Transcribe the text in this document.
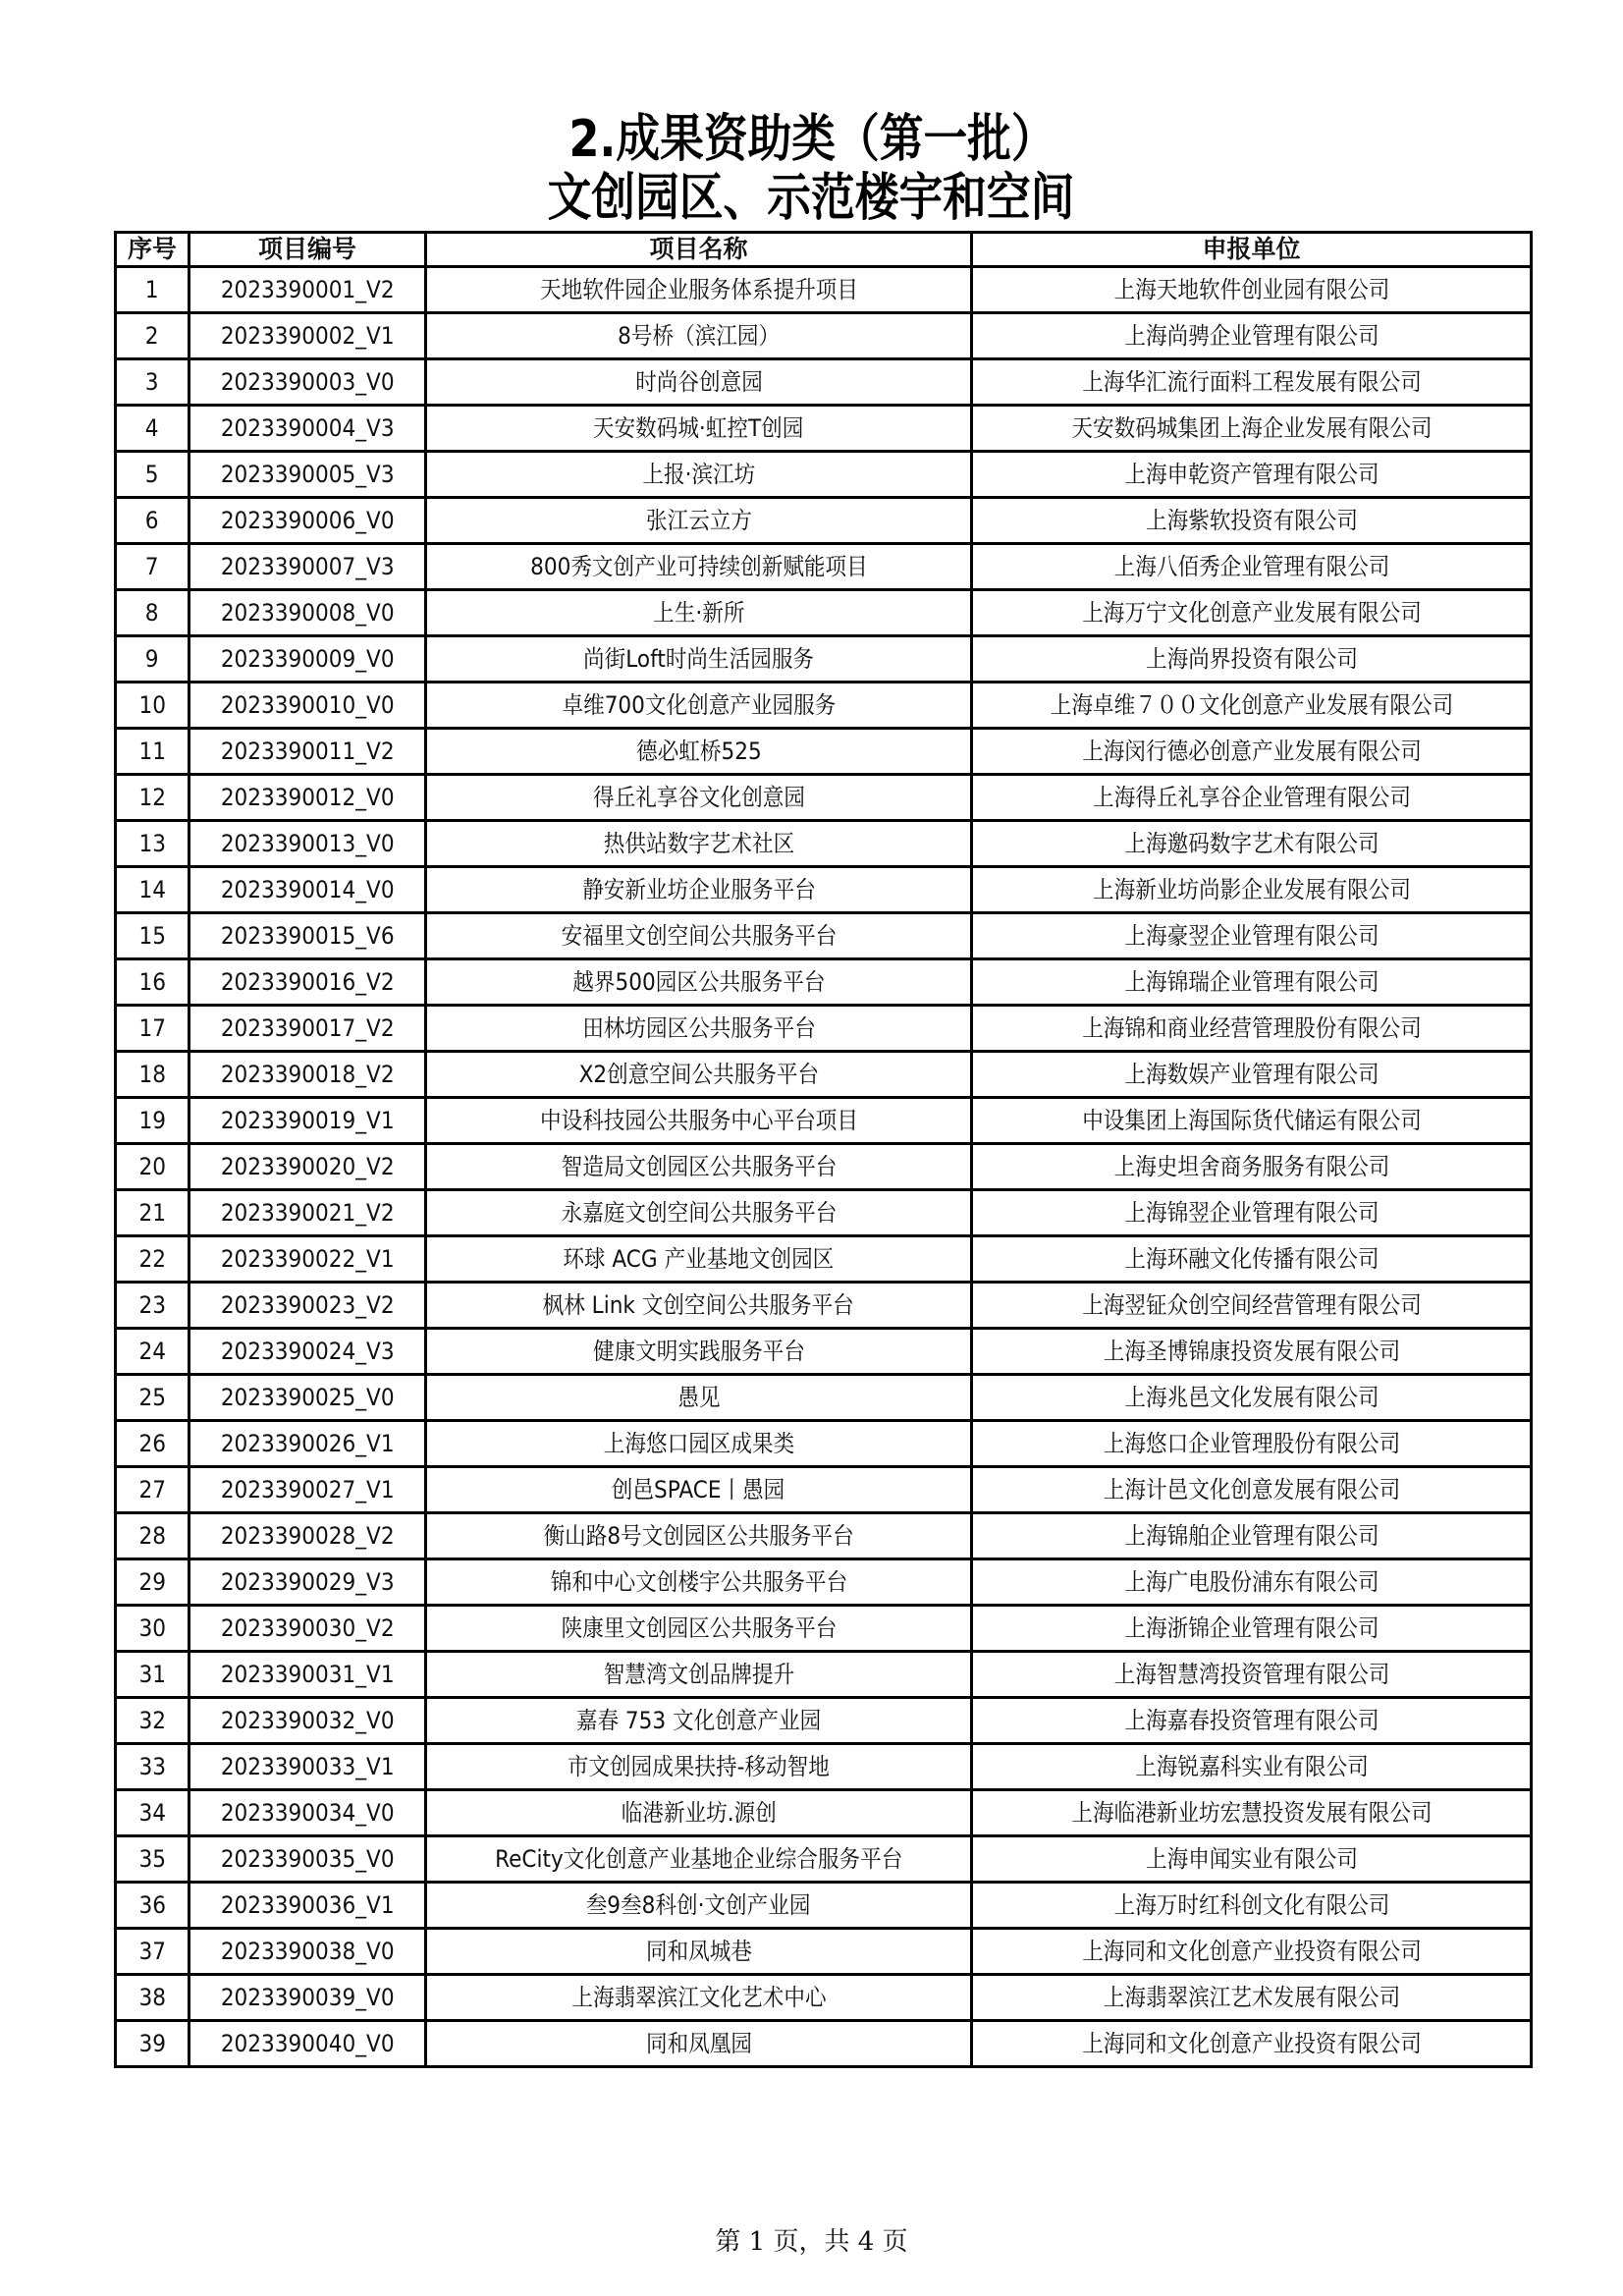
2.成果资助类（第一批）
文创园区、示范楼宇和空间
序号	项目编号	项目名称	申报单位
1	2023390001_V2	天地软件园企业服务体系提升项目	上海天地软件创业园有限公司
2	2023390002_V1	8号桥（滨江园）	上海尚骋企业管理有限公司
3	2023390003_V0	时尚谷创意园	上海华汇流行面料工程发展有限公司
4	2023390004_V3	天安数码城·虹控T创园	天安数码城集团上海企业发展有限公司
5	2023390005_V3	上报·滨江坊	上海申乾资产管理有限公司
6	2023390006_V0	张江云立方	上海紫软投资有限公司
7	2023390007_V3	800秀文创产业可持续创新赋能项目	上海八佰秀企业管理有限公司
8	2023390008_V0	上生·新所	上海万宁文化创意产业发展有限公司
9	2023390009_V0	尚街Loft时尚生活园服务	上海尚界投资有限公司
10	2023390010_V0	卓维700文化创意产业园服务	上海卓维７００文化创意产业发展有限公司
11	2023390011_V2	德必虹桥525	上海闵行德必创意产业发展有限公司
12	2023390012_V0	得丘礼享谷文化创意园	上海得丘礼享谷企业管理有限公司
13	2023390013_V0	热供站数字艺术社区	上海邀码数字艺术有限公司
14	2023390014_V0	静安新业坊企业服务平台	上海新业坊尚影企业发展有限公司
15	2023390015_V6	安福里文创空间公共服务平台	上海豪翌企业管理有限公司
16	2023390016_V2	越界500园区公共服务平台	上海锦瑞企业管理有限公司
17	2023390017_V2	田林坊园区公共服务平台	上海锦和商业经营管理股份有限公司
18	2023390018_V2	X2创意空间公共服务平台	上海数娱产业管理有限公司
19	2023390019_V1	中设科技园公共服务中心平台项目	中设集团上海国际货代储运有限公司
20	2023390020_V2	智造局文创园区公共服务平台	上海史坦舍商务服务有限公司
21	2023390021_V2	永嘉庭文创空间公共服务平台	上海锦翌企业管理有限公司
22	2023390022_V1	环球 ACG 产业基地文创园区	上海环融文化传播有限公司
23	2023390023_V2	枫林 Link 文创空间公共服务平台	上海翌钲众创空间经营管理有限公司
24	2023390024_V3	健康文明实践服务平台	上海圣博锦康投资发展有限公司
25	2023390025_V0	愚见	上海兆邑文化发展有限公司
26	2023390026_V1	上海悠口园区成果类	上海悠口企业管理股份有限公司
27	2023390027_V1	创邑SPACE丨愚园	上海计邑文化创意发展有限公司
28	2023390028_V2	衡山路8号文创园区公共服务平台	上海锦舶企业管理有限公司
29	2023390029_V3	锦和中心文创楼宇公共服务平台	上海广电股份浦东有限公司
30	2023390030_V2	陕康里文创园区公共服务平台	上海浙锦企业管理有限公司
31	2023390031_V1	智慧湾文创品牌提升	上海智慧湾投资管理有限公司
32	2023390032_V0	嘉春 753 文化创意产业园	上海嘉春投资管理有限公司
33	2023390033_V1	市文创园成果扶持-移动智地	上海锐嘉科实业有限公司
34	2023390034_V0	临港新业坊.源创	上海临港新业坊宏慧投资发展有限公司
35	2023390035_V0	ReCity文化创意产业基地企业综合服务平台	上海申闻实业有限公司
36	2023390036_V1	叁9叁8科创·文创产业园	上海万时红科创文化有限公司
37	2023390038_V0	同和凤城巷	上海同和文化创意产业投资有限公司
38	2023390039_V0	上海翡翠滨江文化艺术中心	上海翡翠滨江艺术发展有限公司
39	2023390040_V0	同和凤凰园	上海同和文化创意产业投资有限公司
第 1 页，共 4 页
